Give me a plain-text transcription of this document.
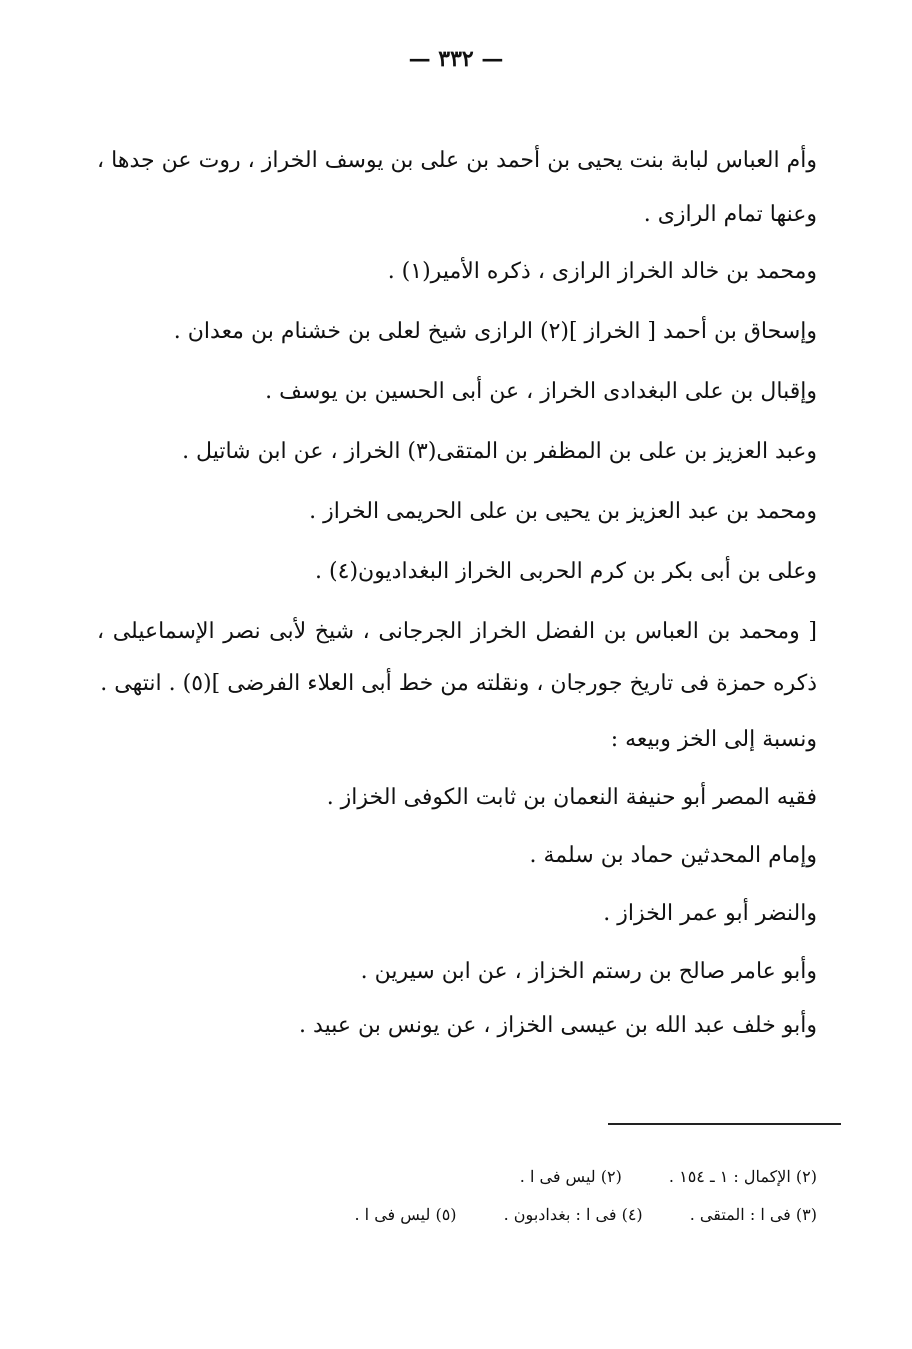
— ٣٣٢ —

وأم العباس لبابة بنت يحيى بن أحمد بن على بن يوسف الخراز ، روت عن جدها ، وعنها تمام الرازى .

ومحمد بن خالد الخراز الرازى ، ذكره الأمير(١) .

وإسحاق بن أحمد [ الخراز ](٢) الرازى شيخ لعلى بن خشنام بن معدان .

وإقبال بن على البغدادى الخراز ، عن أبى الحسين بن يوسف .

وعبد العزيز بن على بن المظفر بن المتقى(٣) الخراز ، عن ابن شاتيل .

ومحمد بن عبد العزيز بن يحيى بن على الحريمى الخراز .

وعلى بن أبى بكر بن كرم الحربى الخراز البغداديون(٤) .

[ ومحمد بن العباس بن الفضل الخراز الجرجانى ، شيخ لأبى نصر الإسماعيلى ، ذكره حمزة فى تاريخ جورجان ، ونقلته من خط أبى العلاء الفرضى ](٥) . انتهى .

ونسبة إلى الخز وبيعه :

فقيه المصر أبو حنيفة النعمان بن ثابت الكوفى الخزاز .

وإمام المحدثين حماد بن سلمة .

والنضر أبو عمر الخزاز .

وأبو عامر صالح بن رستم الخزاز ، عن ابن سيرين .

وأبو خلف عبد الله بن عيسى الخزاز ، عن يونس بن عبيد .

(٢) الإكمال : ١ ـ ١٥٤ . (٢) ليس فى ا .
(٣) فى ا : المتقى . (٤) فى ا : بغدادبون . (٥) ليس فى ا .
